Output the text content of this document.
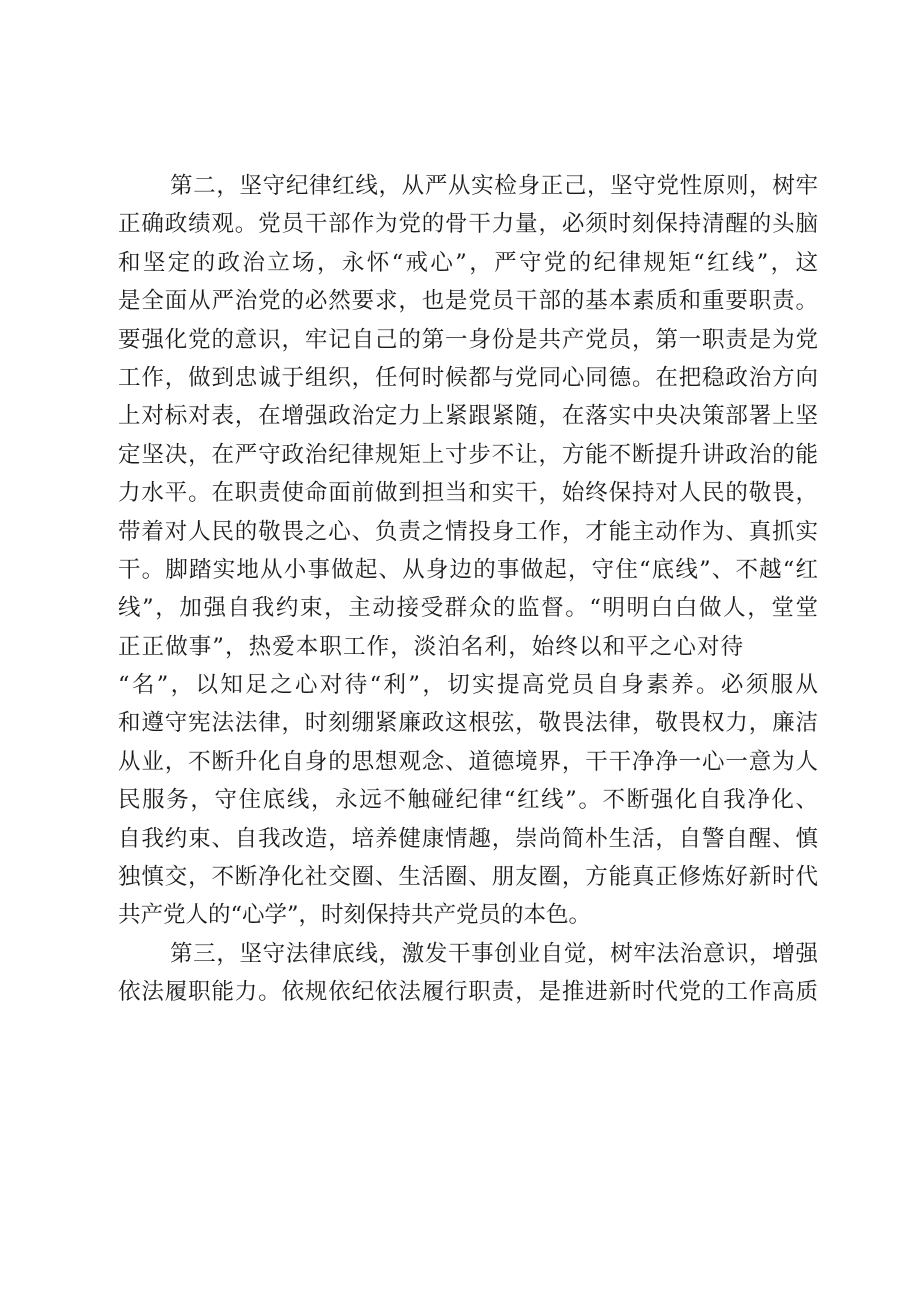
第二，坚守纪律红线，从严从实检身正己，坚守党性原则，树牢
正确政绩观。党员干部作为党的骨干力量，必须时刻保持清醒的头脑
和坚定的政治立场，永怀“戒心”，严守党的纪律规矩“红线”，这
是全面从严治党的必然要求，也是党员干部的基本素质和重要职责。
要强化党的意识，牢记自己的第一身份是共产党员，第一职责是为党
工作，做到忠诚于组织，任何时候都与党同心同德。在把稳政治方向
上对标对表，在增强政治定力上紧跟紧随，在落实中央决策部署上坚
定坚决，在严守政治纪律规矩上寸步不让，方能不断提升讲政治的能
力水平。在职责使命面前做到担当和实干，始终保持对人民的敬畏，
带着对人民的敬畏之心、负责之情投身工作，才能主动作为、真抓实
干。脚踏实地从小事做起、从身边的事做起，守住“底线”、不越“红
线”，加强自我约束，主动接受群众的监督。“明明白白做人，堂堂
正正做事”，热爱本职工作，淡泊名利，始终以和平之心对待
“名”，以知足之心对待“利”，切实提高党员自身素养。必须服从
和遵守宪法法律，时刻绷紧廉政这根弦，敬畏法律，敬畏权力，廉洁
从业，不断升化自身的思想观念、道德境界，干干净净一心一意为人
民服务，守住底线，永远不触碰纪律“红线”。不断强化自我净化、
自我约束、自我改造，培养健康情趣，崇尚简朴生活，自警自醒、慎
独慎交，不断净化社交圈、生活圈、朋友圈，方能真正修炼好新时代
共产党人的“心学”，时刻保持共产党员的本色。
第三，坚守法律底线，激发干事创业自觉，树牢法治意识，增强
依法履职能力。依规依纪依法履行职责，是推进新时代党的工作高质
